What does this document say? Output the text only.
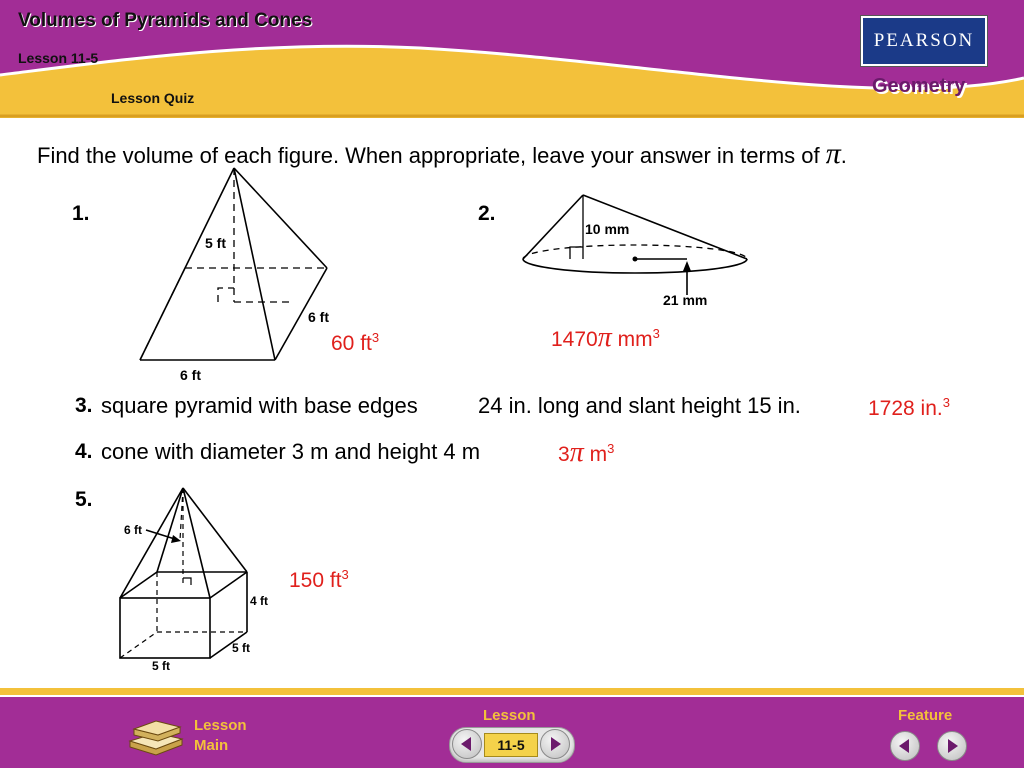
Volumes of Pyramids and Cones
Lesson 11-5
Lesson Quiz
PEARSON
Geometry
Find the volume of each figure. When appropriate, leave your answer in terms of π.
1.
5 ft
6 ft
6 ft
60 $ft^3$
2.
10 mm
21 mm
1470π $mm^3$
3. square pyramid with base edges	24 in. long and slant height 15 in.	1728 in.$^3$
4. cone with diameter 3 m and height 4 m	3π $m^3$
5.
6 ft
4 ft
5 ft
5 ft
150 $ft^3$
Lesson
Main
Lesson
11-5
Feature
